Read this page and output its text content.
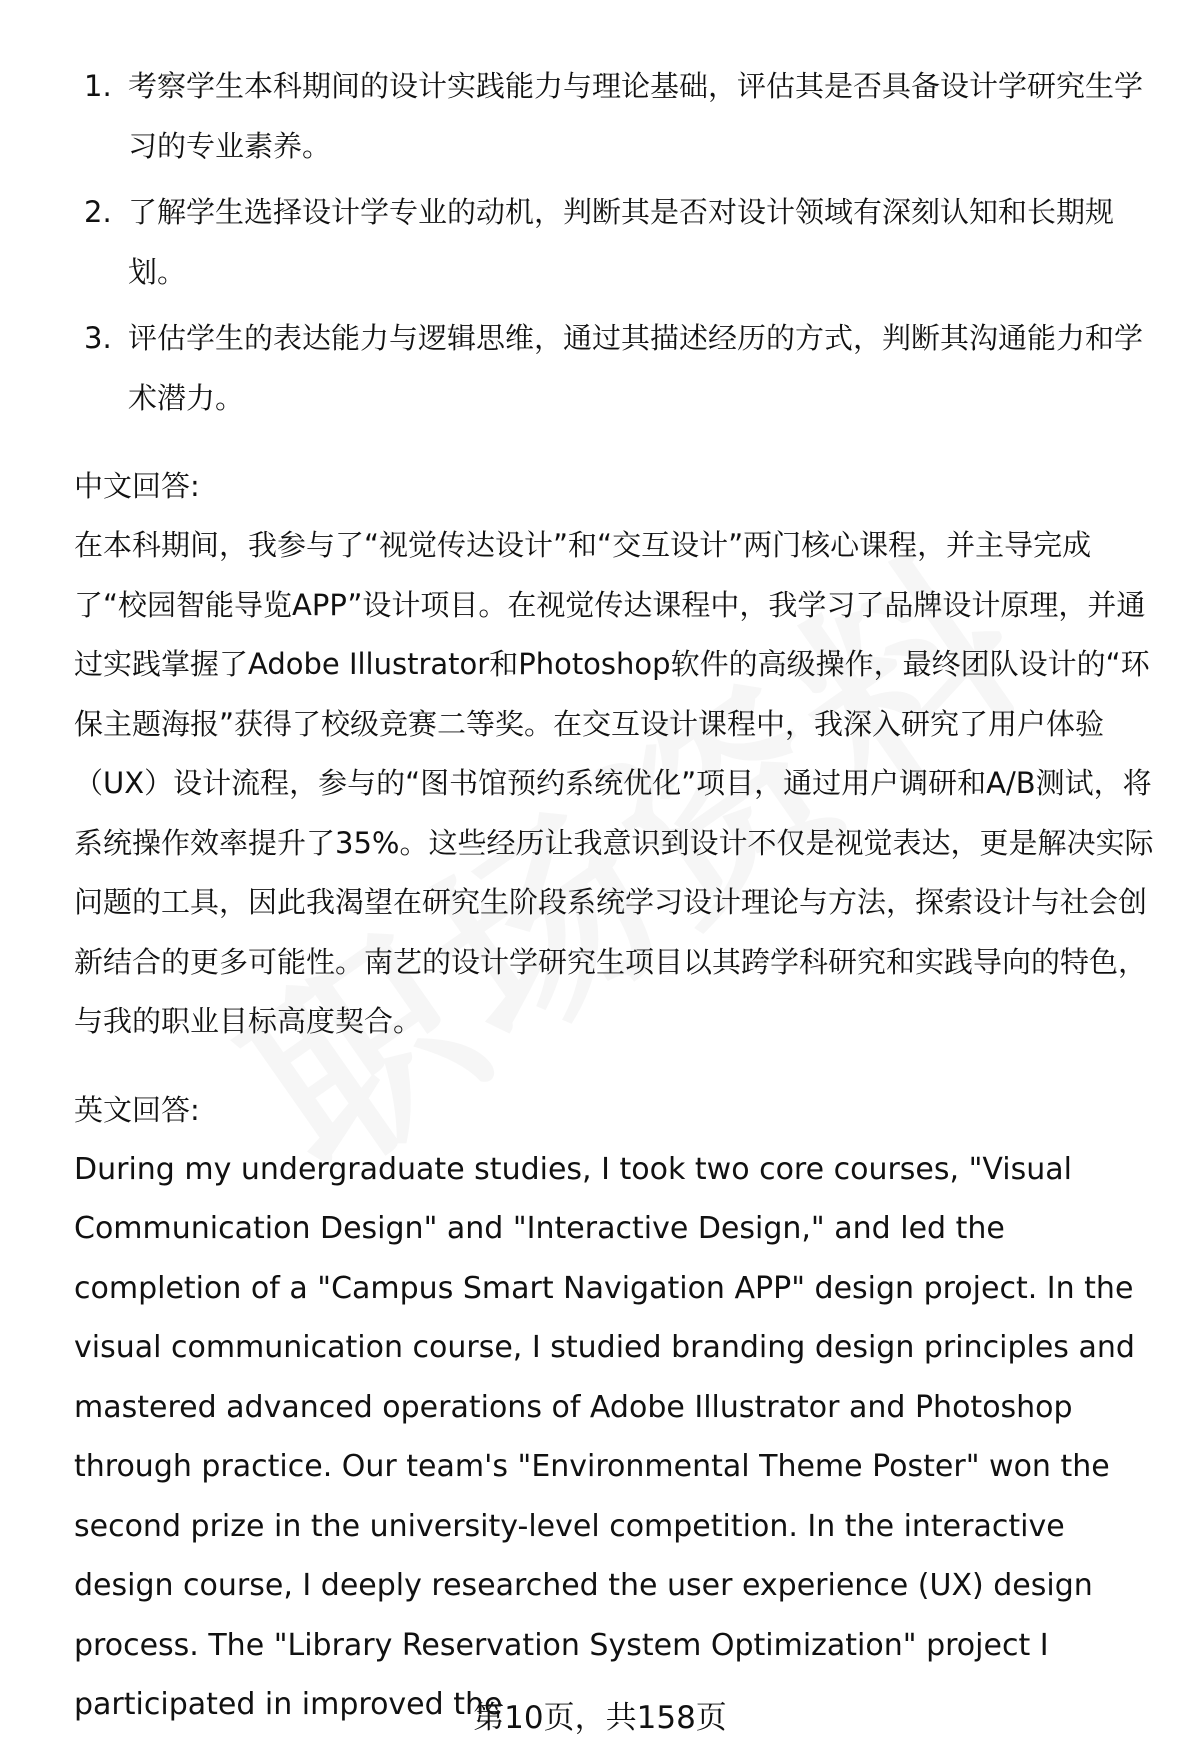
1. 考察学生本科期间的设计实践能力与理论基础，评估其是否具备设计学研究生学习的专业素养。
2. 了解学生选择设计学专业的动机，判断其是否对设计领域有深刻认知和长期规划。
3. 评估学生的表达能力与逻辑思维，通过其描述经历的方式，判断其沟通能力和学术潜力。
中文回答:

在本科期间，我参与了“视觉传达设计”和“交互设计”两门核心课程，并主导完成了“校园智能导览APP”设计项目。在视觉传达课程中，我学习了品牌设计原理，并通过实践掌握了Adobe Illustrator和Photoshop软件的高级操作，最终团队设计的“环保主题海报”获得了校级竞赛二等奖。在交互设计课程中，我深入研究了用户体验（UX）设计流程，参与的“图书馆预约系统优化”项目，通过用户调研和A/B测试，将系统操作效率提升了35%。这些经历让我意识到设计不仅是视觉表达，更是解决实际问题的工具，因此我渴望在研究生阶段系统学习设计理论与方法，探索设计与社会创新结合的更多可能性。南艺的设计学研究生项目以其跨学科研究和实践导向的特色，与我的职业目标高度契合。

英文回答:

During my undergraduate studies, I took two core courses, "Visual Communication Design" and "Interactive Design," and led the completion of a "Campus Smart Navigation APP" design project. In the visual communication course, I studied branding design principles and mastered advanced operations of Adobe Illustrator and Photoshop through practice. Our team's "Environmental Theme Poster" won the second prize in the university-level competition. In the interactive design course, I deeply researched the user experience (UX) design process. The "Library Reservation System Optimization" project I participated in improved the

第10页，共158页
